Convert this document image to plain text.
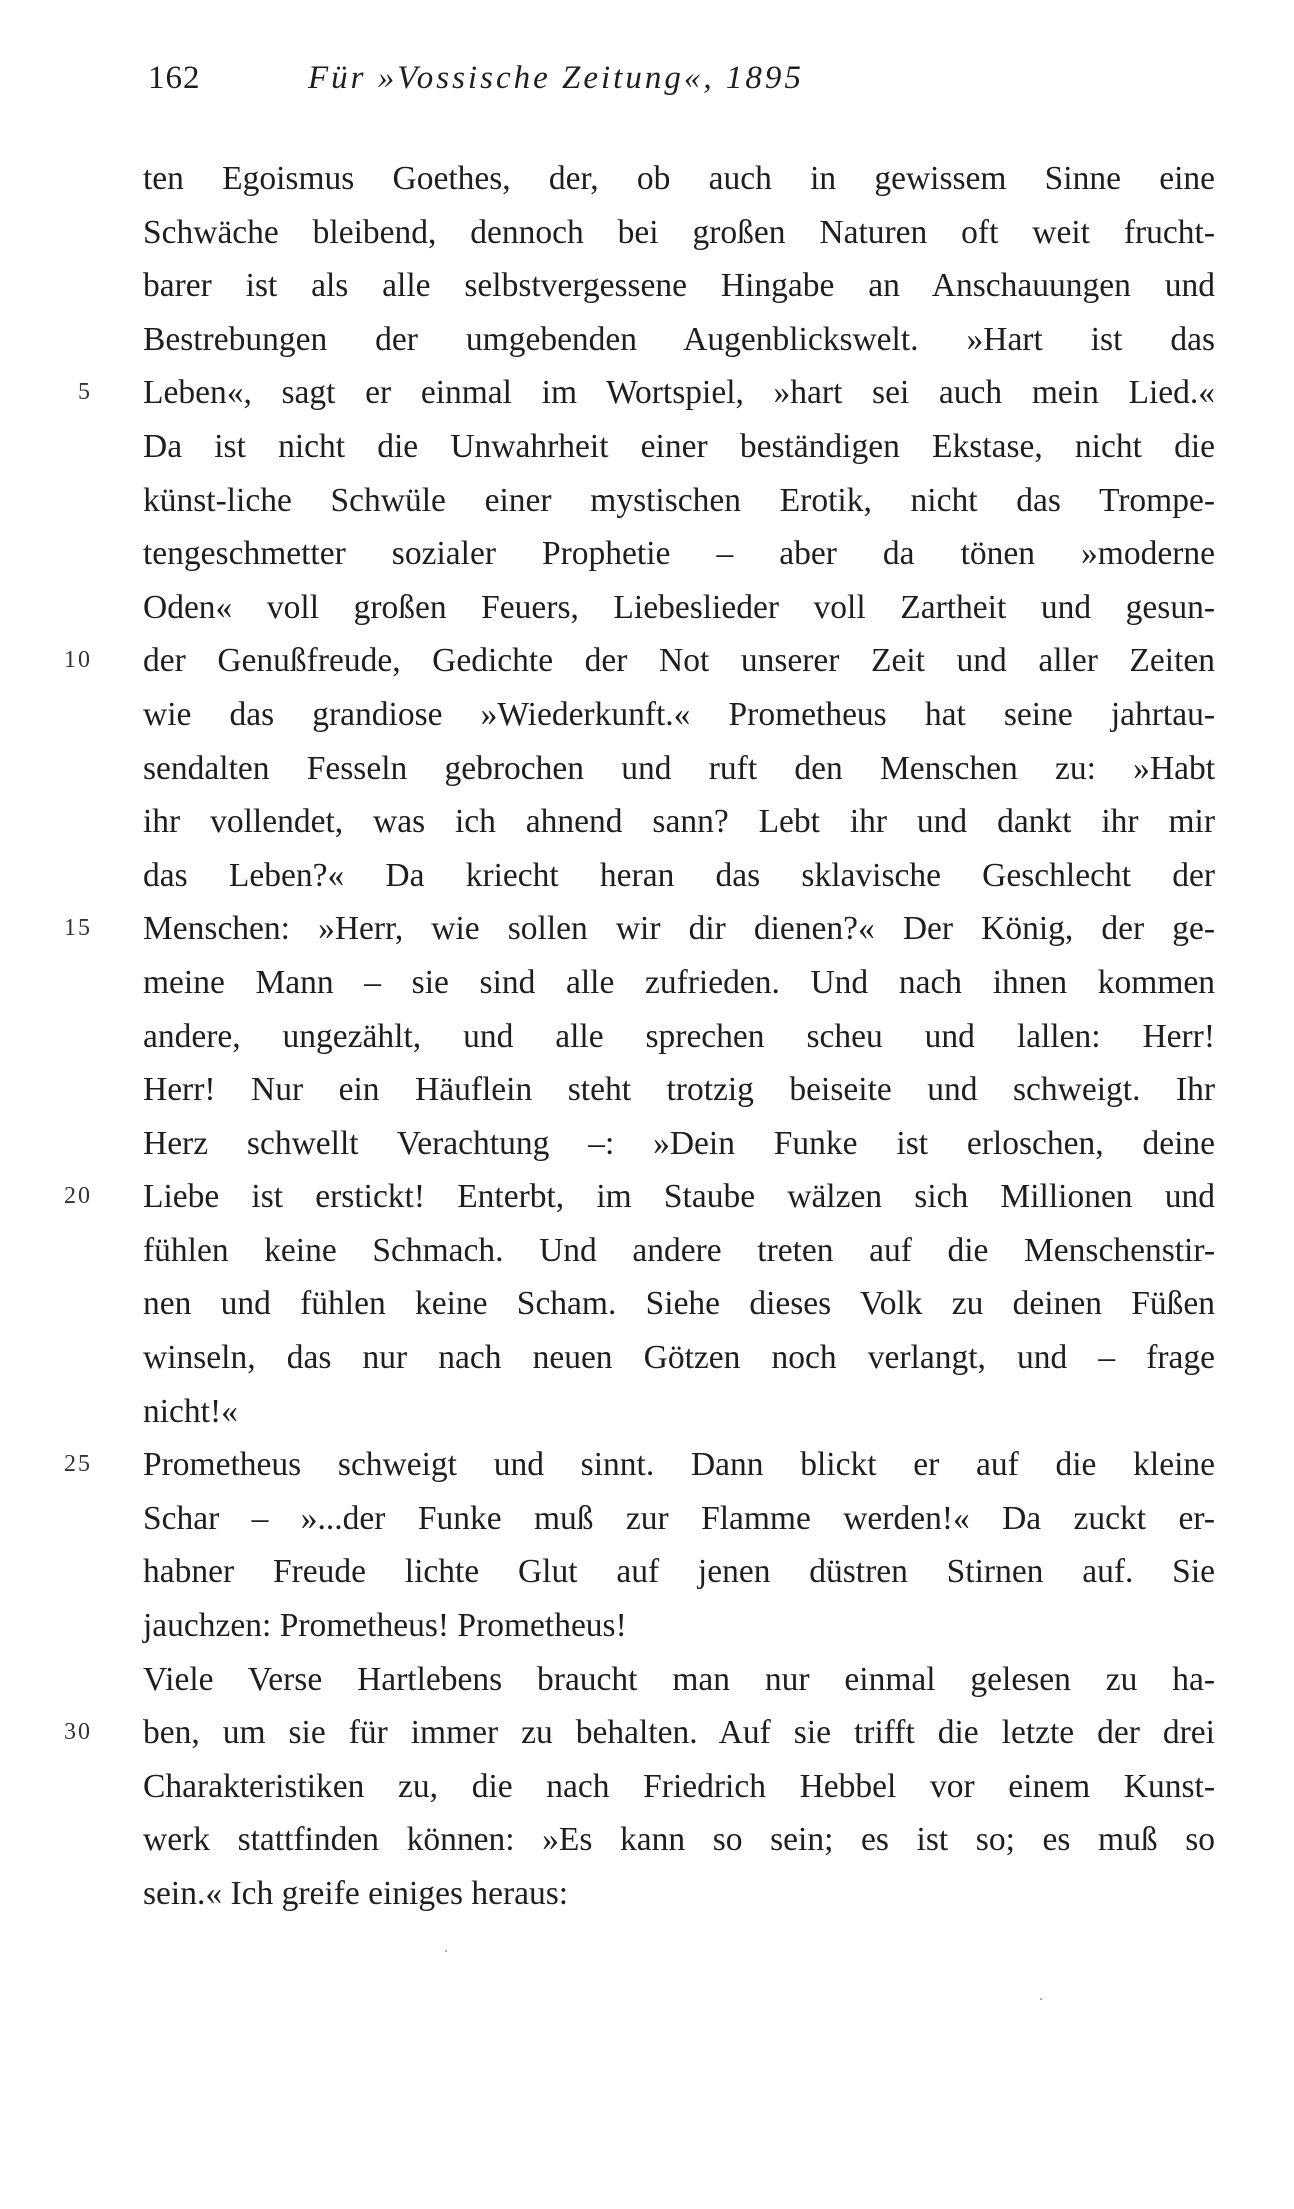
162	Für »Vossische Zeitung«, 1895
ten Egoismus Goethes, der, ob auch in gewissem Sinne eine
Schwäche bleibend, dennoch bei großen Naturen oft weit frucht-
barer ist als alle selbstvergessene Hingabe an Anschauungen und
Bestrebungen der umgebenden Augenblickswelt. »Hart ist das
5 Leben«, sagt er einmal im Wortspiel, »hart sei auch mein Lied.«
Da ist nicht die Unwahrheit einer beständigen Ekstase, nicht die
künst-liche Schwüle einer mystischen Erotik, nicht das Trompe-
tengeschmetter sozialer Prophetie – aber da tönen »moderne
Oden« voll großen Feuers, Liebeslieder voll Zartheit und gesun-
10 der Genußfreude, Gedichte der Not unserer Zeit und aller Zeiten
wie das grandiose »Wiederkunft.« Prometheus hat seine jahrtau-
sendalten Fesseln gebrochen und ruft den Menschen zu: »Habt
ihr vollendet, was ich ahnend sann? Lebt ihr und dankt ihr mir
das Leben?« Da kriecht heran das sklavische Geschlecht der
15 Menschen: »Herr, wie sollen wir dir dienen?« Der König, der ge-
meine Mann – sie sind alle zufrieden. Und nach ihnen kommen
andere, ungezählt, und alle sprechen scheu und lallen: Herr!
Herr! Nur ein Häuflein steht trotzig beiseite und schweigt. Ihr
Herz schwellt Verachtung –: »Dein Funke ist erloschen, deine
20 Liebe ist erstickt! Enterbt, im Staube wälzen sich Millionen und
fühlen keine Schmach. Und andere treten auf die Menschenstir-
nen und fühlen keine Scham. Siehe dieses Volk zu deinen Füßen
winseln, das nur nach neuen Götzen noch verlangt, und – frage
nicht!«
25 Prometheus schweigt und sinnt. Dann blickt er auf die kleine
Schar – »...der Funke muß zur Flamme werden!« Da zuckt er-
habner Freude lichte Glut auf jenen düstren Stirnen auf. Sie
jauchzen: Prometheus! Prometheus!
Viele Verse Hartlebens braucht man nur einmal gelesen zu ha-
30 ben, um sie für immer zu behalten. Auf sie trifft die letzte der drei
Charakteristiken zu, die nach Friedrich Hebbel vor einem Kunst-
werk stattfinden können: »Es kann so sein; es ist so; es muß so
sein.« Ich greife einiges heraus:
